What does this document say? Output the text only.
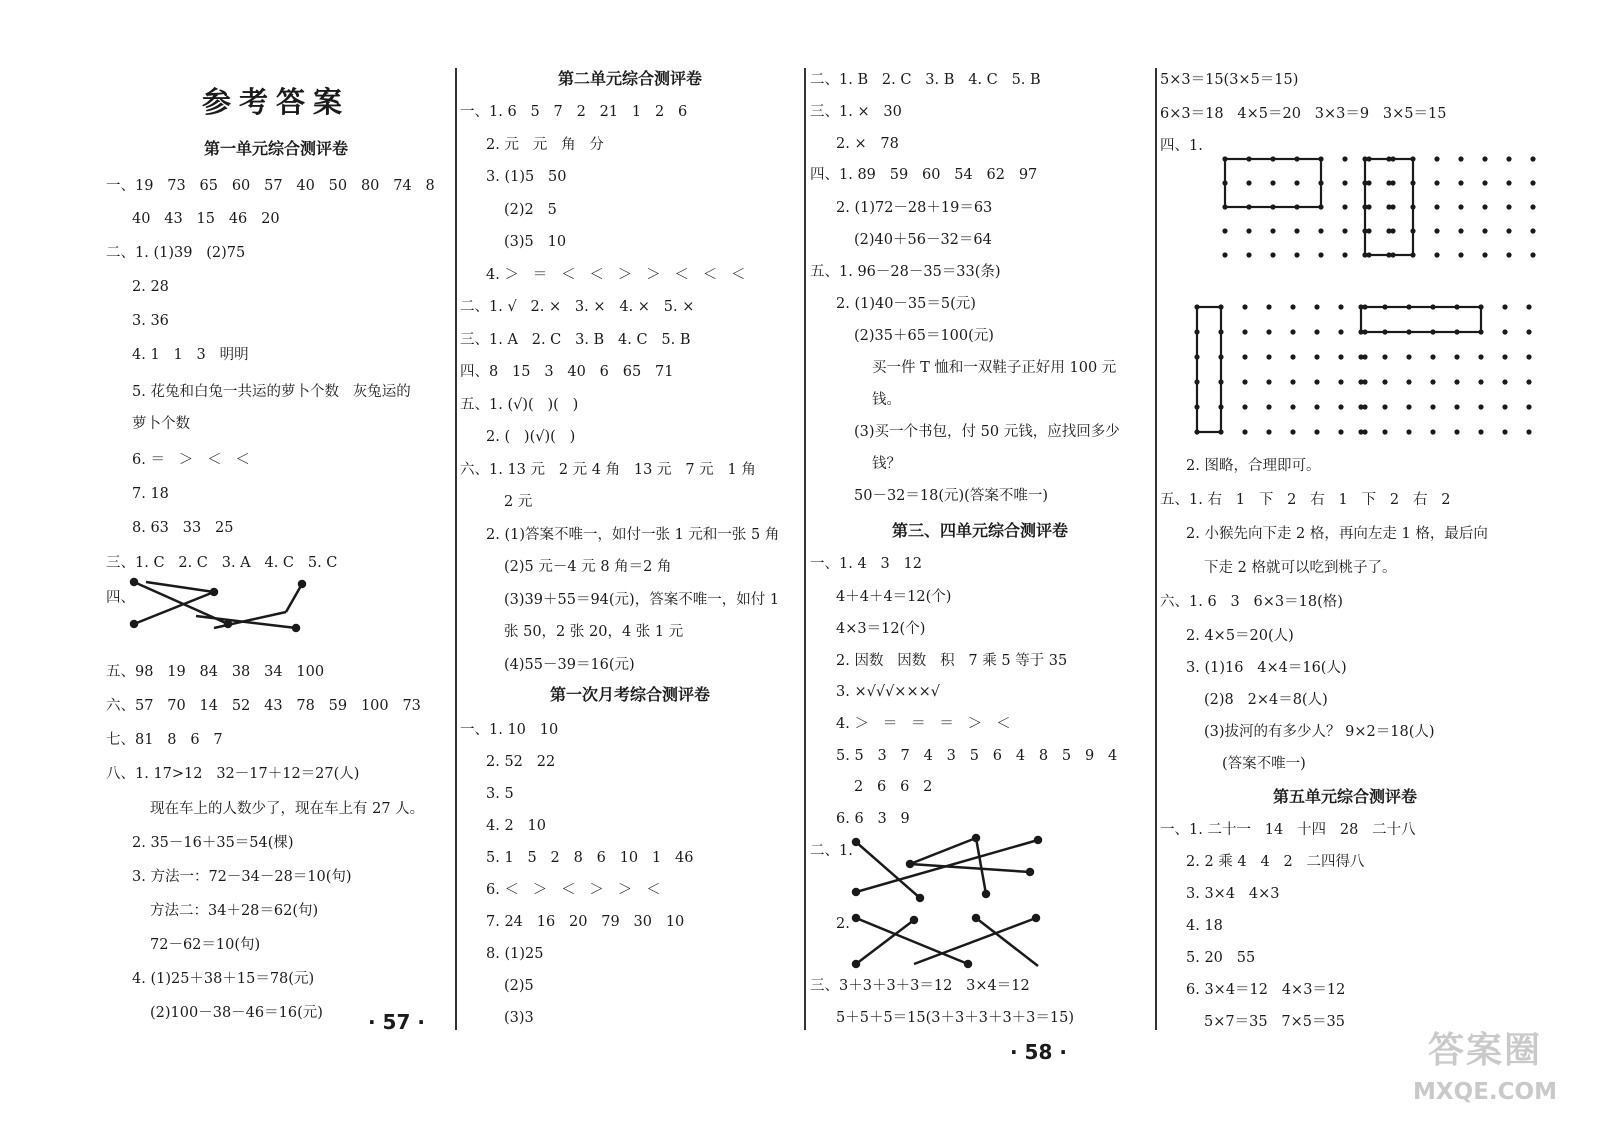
参考答案
第一单元综合测评卷
一、19   73   65   60   57   40   50   80   74   8
40   43   15   46   20
二、1. (1)39   (2)75
2. 28
3. 36
4. 1   1   3   明明
5. 花兔和白兔一共运的萝卜个数   灰兔运的
萝卜个数
6. ＝   ＞   ＜   ＜
7. 18
8. 63   33   25
三、1. C   2. C   3. A   4. C   5. C
四、
五、98   19   84   38   34   100
六、57   70   14   52   43   78   59   100   73
七、81   8   6   7
八、1. 17>12   32－17＋12＝27(人)
现在车上的人数少了，现在车上有 27 人。
2. 35－16＋35＝54(棵)
3. 方法一：72－34－28＝10(句)
方法二：34＋28＝62(句)
72－62＝10(句)
4. (1)25＋38＋15＝78(元)
(2)100－38－46＝16(元)
第二单元综合测评卷
一、1. 6   5   7   2   21   1   2   6
2. 元   元   角   分
3. (1)5   50
(2)2   5
(3)5   10
4. ＞   ＝   ＜   ＜   ＞   ＞   ＜   ＜   ＜
二、1. √   2. ×   3. ×   4. ×   5. ×
三、1. A   2. C   3. B   4. C   5. B
四、8   15   3   40   6   65   71
五、1. (√)(   )(   )
2. (   )(√)(   )
六、1. 13 元   2 元 4 角   13 元   7 元   1 角
2 元
2. (1)答案不唯一，如付一张 1 元和一张 5 角
(2)5 元－4 元 8 角＝2 角
(3)39＋55＝94(元)，答案不唯一，如付 1
张 50，2 张 20，4 张 1 元
(4)55－39＝16(元)
第一次月考综合测评卷
一、1. 10   10
2. 52   22
3. 5
4. 2   10
5. 1   5   2   8   6   10   1   46
6. ＜   ＞   ＜   ＞   ＞   ＜
7. 24   16   20   79   30   10
8. (1)25
(2)5
(3)3
二、1. B   2. C   3. B   4. C   5. B
三、1. ×   30
2. ×   78
四、1. 89   59   60   54   62   97
2. (1)72－28＋19＝63
(2)40＋56－32＝64
五、1. 96－28－35＝33(条)
2. (1)40－35＝5(元)
(2)35＋65＝100(元)
买一件 T 恤和一双鞋子正好用 100 元
钱。
(3)买一个书包，付 50 元钱，应找回多少
钱？
50－32＝18(元)(答案不唯一)
第三、四单元综合测评卷
一、1. 4   3   12
4＋4＋4＝12(个)
4×3＝12(个)
2. 因数   因数   积   7 乘 5 等于 35
3. ×√√√×××√
4. ＞   ＝   ＝   ＝   ＞   ＜
5. 5   3   7   4   3   5   6   4   8   5   9   4
2   6   6   2
6. 6   3   9
二、1.
2.
三、3＋3＋3＋3＝12   3×4＝12
5＋5＋5＝15(3＋3＋3＋3＋3＝15)
5×3＝15(3×5＝15)
6×3＝18   4×5＝20   3×3＝9   3×5＝15
四、1.
2. 图略，合理即可。
五、1. 右   1   下   2   右   1   下   2   右   2
2. 小猴先向下走 2 格，再向左走 1 格，最后向
下走 2 格就可以吃到桃子了。
六、1. 6   3   6×3＝18(格)
2. 4×5＝20(人)
3. (1)16   4×4＝16(人)
(2)8   2×4＝8(人)
(3)拔河的有多少人？ 9×2＝18(人)
(答案不唯一)
第五单元综合测评卷
一、1. 二十一   14   十四   28   二十八
2. 2 乘 4   4   2   二四得八
3. 3×4   4×3
4. 18
5. 20   55
6. 3×4＝12   4×3＝12
5×7＝35   7×5＝35
· 57 ·
· 58 ·	答案圈
MXQE.COM
